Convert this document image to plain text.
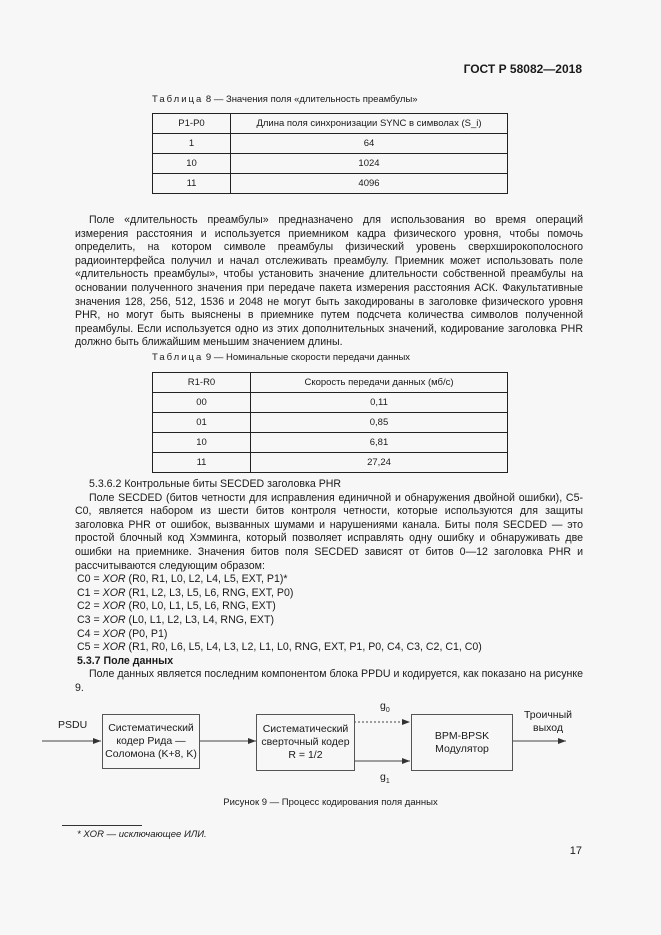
ГОСТ Р 58082—2018
Таблица 8 — Значения поля «длительность преамбулы»
P1-P0	Длина поля синхронизации SYNC в символах (S_i)
1	64
10	1024
11	4096

Поле «длительность преамбулы» предназначено для использования во время операций измерения расстояния и используется приемником кадра физического уровня, чтобы помочь определить, на котором символе преамбулы физический уровень сверхширокополосного радиоинтерфейса получил и начал отслеживать преамбулу. Приемник может использовать поле «длительность преамбулы», чтобы установить значение длительности собственной преамбулы на основании полученного значения при передаче пакета измерения расстояния АСК. Факультативные значения 128, 256, 512, 1536 и 2048 не могут быть закодированы в заголовке физического уровня PHR, но могут быть выяснены в приемнике путем подсчета количества символов полученной преамбулы. Если используется одно из этих дополнительных значений, кодирование заголовка PHR должно быть ближайшим меньшим значением длины.

Таблица 9 — Номинальные скорости передачи данных
R1-R0	Скорость передачи данных (мб/с)
00	0,11
01	0,85
10	6,81
11	27,24

5.3.6.2 Контрольные биты SECDED заголовка PHR

Поле SECDED (битов четности для исправления единичной и обнаружения двойной ошибки), C5-C0, является набором из шести битов контроля четности, которые используются для защиты заголовка PHR от ошибок, вызванных шумами и нарушениями канала. Биты поля SECDED — это простой блочный код Хэмминга, который позволяет исправлять одну ошибку и обнаруживать две ошибки на приемнике. Значения битов поля SECDED зависят от битов 0—12 заголовка PHR и рассчитываются следующим образом:

C0 = XOR (R0, R1, L0, L2, L4, L5, EXT, P1)*
C1 = XOR (R1, L2, L3, L5, L6, RNG, EXT, P0)
C2 = XOR (R0, L0, L1, L5, L6, RNG, EXT)
C3 = XOR (L0, L1, L2, L3, L4, RNG, EXT)
C4 = XOR (P0, P1)
C5 = XOR (R1, R0, L6, L5, L4, L3, L2, L1, L0, RNG, EXT, P1, P0, C4, C3, C2, C1, C0)
5.3.7 Поле данных

Поле данных является последним компонентом блока PPDU и кодируется, как показано на рисунке 9.

PSDU	Систематический кодер Рида — Соломона (K+8, K)
Систематический сверточный кодер R = 1/2
BPM-BPSK Модулятор
$g_0$
$g_1$
Троичный выход
Рисунок 9 — Процесс кодирования поля данных
* XOR — исключающее ИЛИ.
17
